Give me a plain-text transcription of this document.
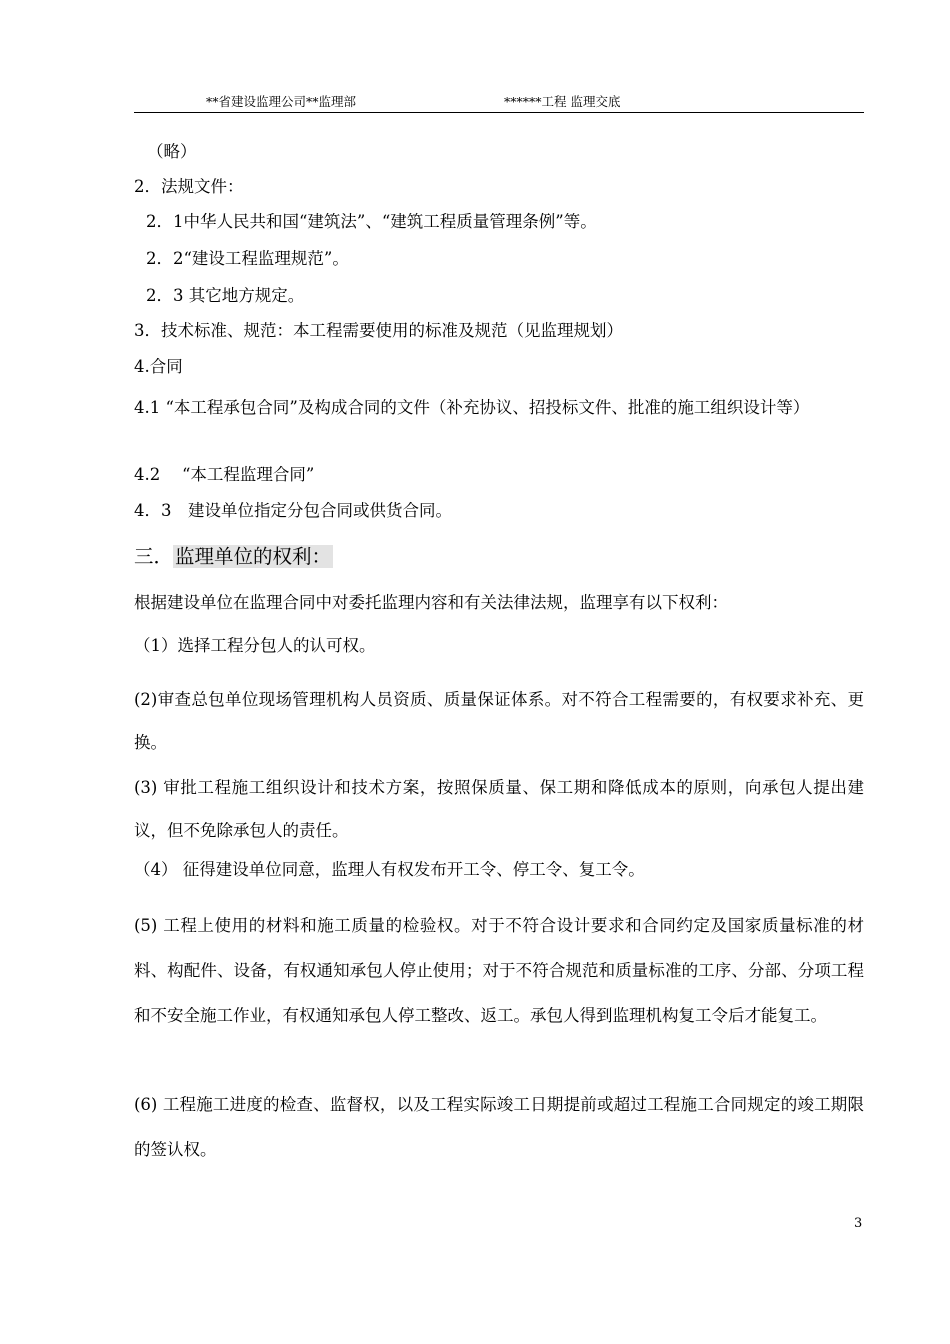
**省建设监理公司**监理部	******工程 监理交底
（略）
2．法规文件：
2．1中华人民共和国“建筑法”、“建筑工程质量管理条例”等。
2．2“建设工程监理规范”。
2．3 其它地方规定。
3．技术标准、规范：本工程需要使用的标准及规范（见监理规划）
4.合同
4.1 “本工程承包合同”及构成合同的文件（补充协议、招投标文件、批准的施工组织设计等）
4.2 　“本工程监理合同”
4．3　建设单位指定分包合同或供货合同。
三． 监理单位的权利：
根据建设单位在监理合同中对委托监理内容和有关法律法规，监理享有以下权利：
（1）选择工程分包人的认可权。
(2)审查总包单位现场管理机构人员资质、质量保证体系。对不符合工程需要的，有权要求补充、更换。
(3) 审批工程施工组织设计和技术方案，按照保质量、保工期和降低成本的原则，向承包人提出建议，但不免除承包人的责任。
（4） 征得建设单位同意，监理人有权发布开工令、停工令、复工令。
(5) 工程上使用的材料和施工质量的检验权。对于不符合设计要求和合同约定及国家质量标准的材料、构配件、设备，有权通知承包人停止使用；对于不符合规范和质量标准的工序、分部、分项工程和不安全施工作业，有权通知承包人停工整改、返工。承包人得到监理机构复工令后才能复工。
(6) 工程施工进度的检查、监督权，以及工程实际竣工日期提前或超过工程施工合同规定的竣工期限的签认权。
3
